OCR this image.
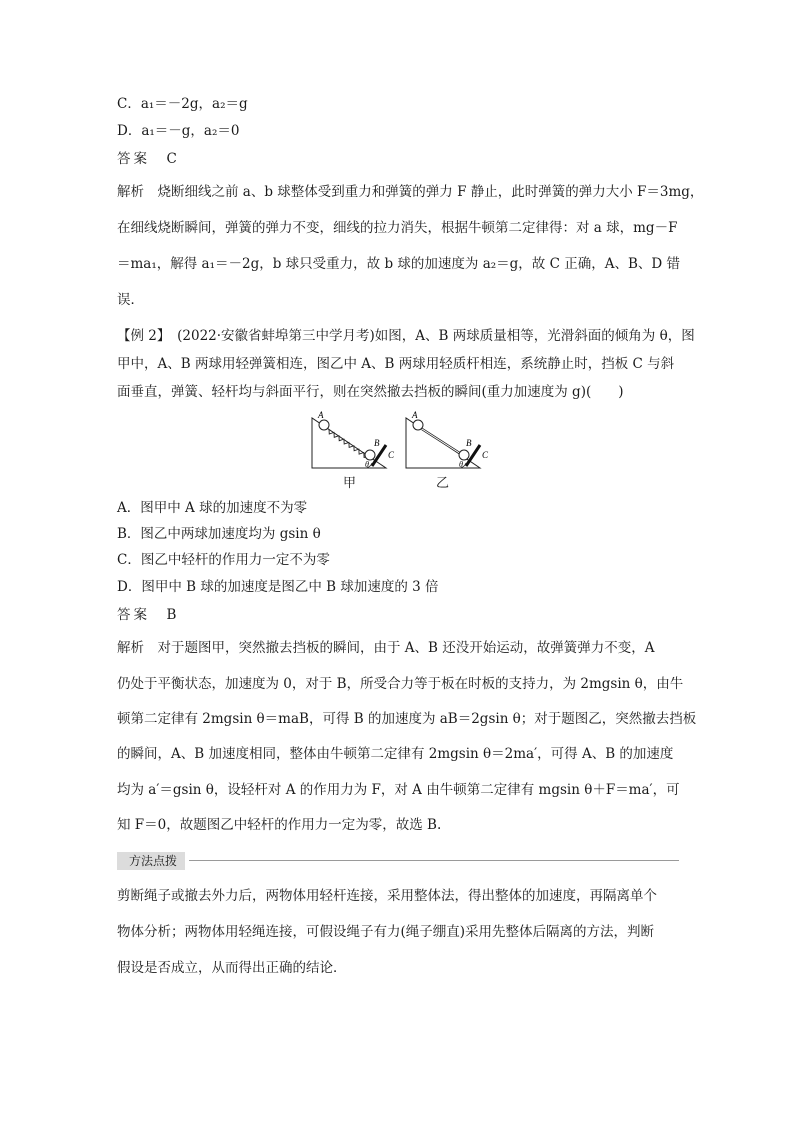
C．a₁＝－2g，a₂＝g
D．a₁＝－g，a₂＝0
答案　C
解析　烧断细线之前 a、b 球整体受到重力和弹簧的弹力 F 静止，此时弹簧的弹力大小 F＝3mg，
在细线烧断瞬间，弹簧的弹力不变，细线的拉力消失，根据牛顿第二定律得：对 a 球，mg－F
＝ma₁，解得 a₁＝－2g，b 球只受重力，故 b 球的加速度为 a₂＝g，故 C 正确，A、B、D 错
误．
【例 2】　(2022·安徽省蚌埠第三中学月考)如图，A、B 两球质量相等，光滑斜面的倾角为 θ，图
甲中，A、B 两球用轻弹簧相连，图乙中 A、B 两球用轻质杆相连，系统静止时，挡板 C 与斜
面垂直，弹簧、轻杆均与斜面平行，则在突然撤去挡板的瞬间(重力加速度为 g)(　　)
A
B
C
θ
A
B
C
θ
甲	乙
A．图甲中 A 球的加速度不为零
B．图乙中两球加速度均为 gsin θ
C．图乙中轻杆的作用力一定不为零
D．图甲中 B 球的加速度是图乙中 B 球加速度的 3 倍
答案　B
解析　对于题图甲，突然撤去挡板的瞬间，由于 A、B 还没开始运动，故弹簧弹力不变，A
仍处于平衡状态，加速度为 0，对于 B，所受合力等于板在时板的支持力，为 2mgsin θ，由牛
顿第二定律有 2mgsin θ＝maB，可得 B 的加速度为 aB＝2gsin θ；对于题图乙，突然撤去挡板
的瞬间，A、B 加速度相同，整体由牛顿第二定律有 2mgsin θ＝2ma′，可得 A、B 的加速度
均为 a′＝gsin θ，设轻杆对 A 的作用力为 F，对 A 由牛顿第二定律有 mgsin θ＋F＝ma′，可
知 F＝0，故题图乙中轻杆的作用力一定为零，故选 B.
方法点拨
剪断绳子或撤去外力后，两物体用轻杆连接，采用整体法，得出整体的加速度，再隔离单个
物体分析；两物体用轻绳连接，可假设绳子有力(绳子绷直)采用先整体后隔离的方法，判断
假设是否成立，从而得出正确的结论．
